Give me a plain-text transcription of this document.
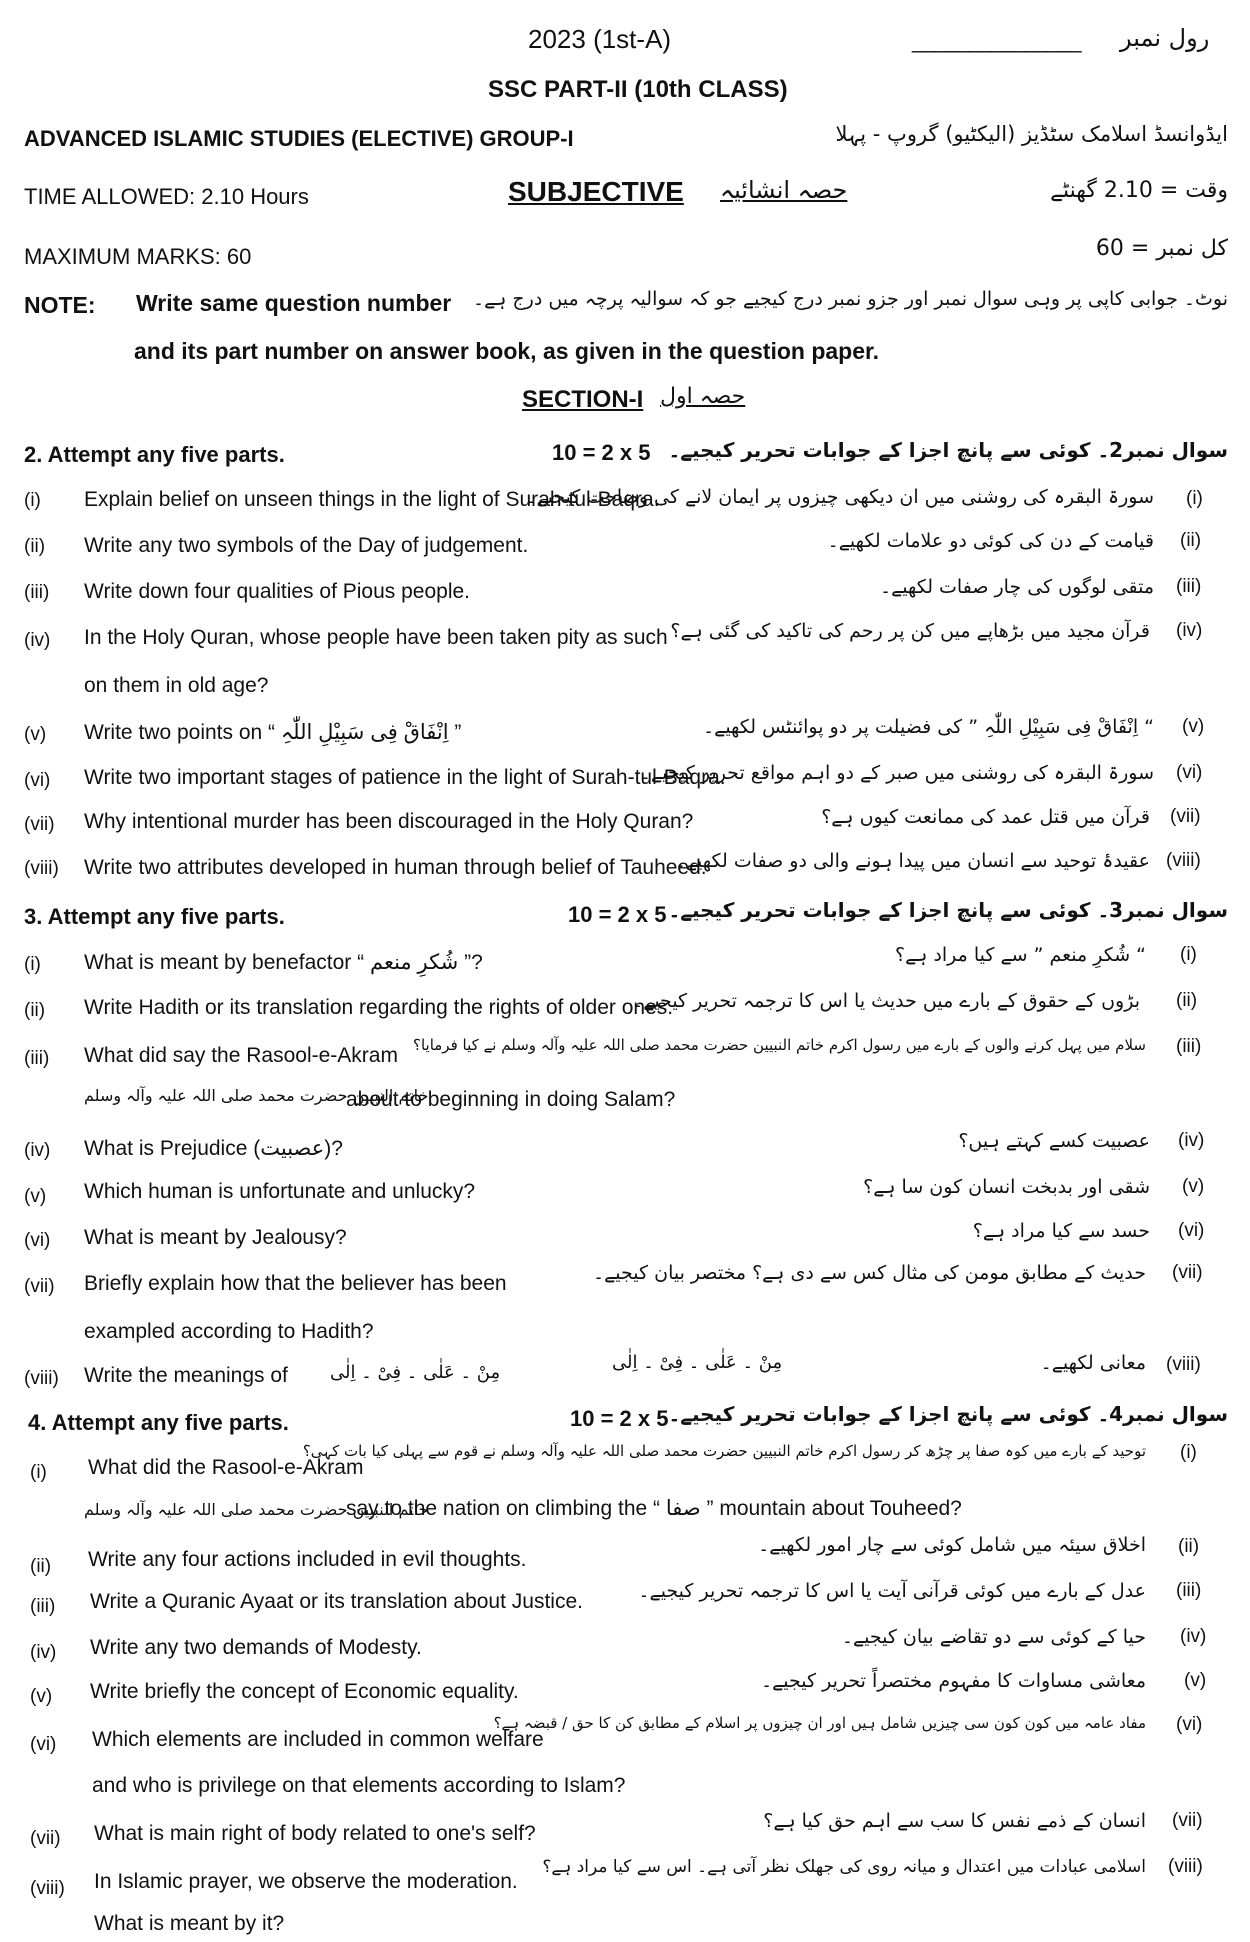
2023 (1st-A)	رول نمبر
_______________
SSC PART-II (10th CLASS)
ADVANCED ISLAMIC STUDIES (ELECTIVE) GROUP-I	ایڈوانسڈ اسلامک سٹڈیز (الیکٹیو) گروپ - پہلا
TIME ALLOWED: 2.10 Hours	SUBJECTIVE حصہ انشائیہ	وقت = 2.10 گھنٹے
MAXIMUM MARKS: 60	کل نمبر = 60
NOTE: Write same question number نوٹ۔ جوابی کاپی پر وہی سوال نمبر اور جزو نمبر درج کیجیے جو کہ سوالیہ پرچہ میں درج ہے۔
and its part number on answer book, as given in the question paper.
SECTION-I حصہ اول
2. Attempt any five parts.	10 = 2 x 5 سوال نمبر2۔ کوئی سے پانچ اجزا کے جوابات تحریر کیجیے۔
(i) Explain belief on unseen things in the light of Surah-tul-Baqra.
سورۃ البقرہ کی روشنی میں ان دیکھی چیزوں پر ایمان لانے کی وضاحت کیجیے۔ (i)
(ii) Write any two symbols of the Day of judgement.	قیامت کے دن کی کوئی دو علامات لکھیے۔ (ii)
(iii) Write down four qualities of Pious people.	متقی لوگوں کی چار صفات لکھیے۔ (iii)
(iv) In the Holy Quran, whose people have been taken pity as such
on them in old age?
قرآن مجید میں بڑھاپے میں کن پر رحم کی تاکید کی گئی ہے؟ (iv)
(v) Write two points on “ اِنْفَاقْ فِی سَبِیْلِ اللّٰہِ ”	“ اِنْفَاقْ فِی سَبِیْلِ اللّٰہِ ” کی فضیلت پر دو پوائنٹس لکھیے۔ (v)
(vi) Write two important stages of patience in the light of Surah-tul-Baqra.
سورۃ البقرہ کی روشنی میں صبر کے دو اہم مواقع تحریر کیجیے۔ (vi)
(vii) Why intentional murder has been discouraged in the Holy Quran?	قرآن میں قتل عمد کی ممانعت کیوں ہے؟ (vii)
(viii) Write two attributes developed in human through belief of Tauheed.
عقیدۂ توحید سے انسان میں پیدا ہونے والی دو صفات لکھیے۔ (viii)
3. Attempt any five parts.	10 = 2 x 5 سوال نمبر3۔ کوئی سے پانچ اجزا کے جوابات تحریر کیجیے۔
(i) What is meant by benefactor “ شُکرِ منعم ”?	“ شُکرِ منعم ” سے کیا مراد ہے؟ (i)
(ii) Write Hadith or its translation regarding the rights of older ones.
بڑوں کے حقوق کے بارے میں حدیث یا اس کا ترجمہ تحریر کیجیے۔ (ii)
(iii) What did say the Rasool-e-Akram
خاتم النبیین حضرت محمد صلی اللہ علیہ وآلہ وسلم
about to beginning in doing Salam?
سلام میں پہل کرنے والوں کے بارے میں رسول اکرم خاتم النبیین حضرت محمد صلی اللہ علیہ وآلہ وسلم نے کیا فرمایا؟ (iii)
(iv) What is Prejudice (عصبیت)?	عصبیت کسے کہتے ہیں؟ (iv)
(v) Which human is unfortunate and unlucky?	شقی اور بدبخت انسان کون سا ہے؟ (v)
(vi) What is meant by Jealousy?	حسد سے کیا مراد ہے؟ (vi)
(vii) Briefly explain how that the believer has been
exampled according to Hadith?
حدیث کے مطابق مومن کی مثال کس سے دی ہے؟ مختصر بیان کیجیے۔ (vii)
(viii) Write the meanings of مِنْ ۔ عَلٰی ۔ فِیْ ۔ اِلٰی	مِنْ ۔ عَلٰی ۔ فِیْ ۔ اِلٰی	معانی لکھیے۔ (viii)
4. Attempt any five parts.	10 = 2 x 5 سوال نمبر4۔ کوئی سے پانچ اجزا کے جوابات تحریر کیجیے۔
(i) What did the Rasool-e-Akram
خاتم النبیین حضرت محمد صلی اللہ علیہ وآلہ وسلم
say to the nation on climbing the “ صفا ” mountain about Touheed?
توحید کے بارے میں کوہ صفا پر چڑھ کر رسول اکرم خاتم النبیین حضرت محمد صلی اللہ علیہ وآلہ وسلم نے قوم سے پہلی کیا بات کہی؟ (i)
(ii) Write any four actions included in evil thoughts.
اخلاق سیئہ میں شامل کوئی سے چار امور لکھیے۔ (ii)
(iii) Write a Quranic Ayaat or its translation about Justice.	عدل کے بارے میں کوئی قرآنی آیت یا اس کا ترجمہ تحریر کیجیے۔ (iii)
(iv) Write any two demands of Modesty.	حیا کے کوئی سے دو تقاضے بیان کیجیے۔ (iv)
(v) Write briefly the concept of Economic equality.	معاشی مساوات کا مفہوم مختصراً تحریر کیجیے۔ (v)
(vi) Which elements are included in common welfare
and who is privilege on that elements according to Islam?
مفاد عامہ میں کون کون سی چیزیں شامل ہیں اور ان چیزوں پر اسلام کے مطابق کن کا حق / قبضہ ہے؟ (vi)
(vii) What is main right of body related to one's self?
انسان کے ذمے نفس کا سب سے اہم حق کیا ہے؟ (vii)
(viii) In Islamic prayer, we observe the moderation.
What is meant by it?
اسلامی عبادات میں اعتدال و میانہ روی کی جھلک نظر آتی ہے۔ اس سے کیا مراد ہے؟ (viii)
